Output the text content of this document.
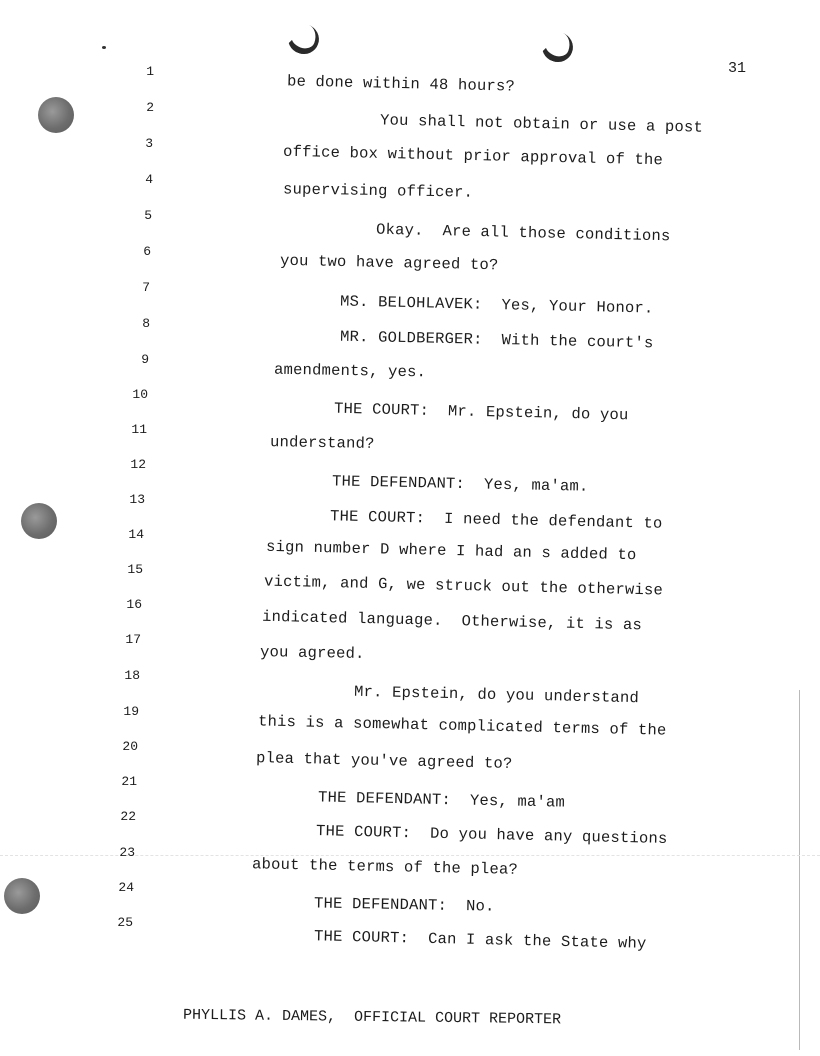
31
1
2
3
4
5
6
7
8
9
10
11
12
13
14
15
16
17
18
19
20
21
22
23
24
25
be done within 48 hours?
You shall not obtain or use a post
office box without prior approval of the
supervising officer.
Okay.  Are all those conditions
you two have agreed to?
MS. BELOHLAVEK:  Yes, Your Honor.
MR. GOLDBERGER:  With the court's
amendments, yes.
THE COURT:  Mr. Epstein, do you
understand?
THE DEFENDANT:  Yes, ma'am.
THE COURT:  I need the defendant to
sign number D where I had an s added to
victim, and G, we struck out the otherwise
indicated language.  Otherwise, it is as
you agreed.
Mr. Epstein, do you understand
this is a somewhat complicated terms of the
plea that you've agreed to?
THE DEFENDANT:  Yes, ma'am
THE COURT:  Do you have any questions
about the terms of the plea?
THE DEFENDANT:  No.
THE COURT:  Can I ask the State why
PHYLLIS A. DAMES,  OFFICIAL COURT REPORTER
